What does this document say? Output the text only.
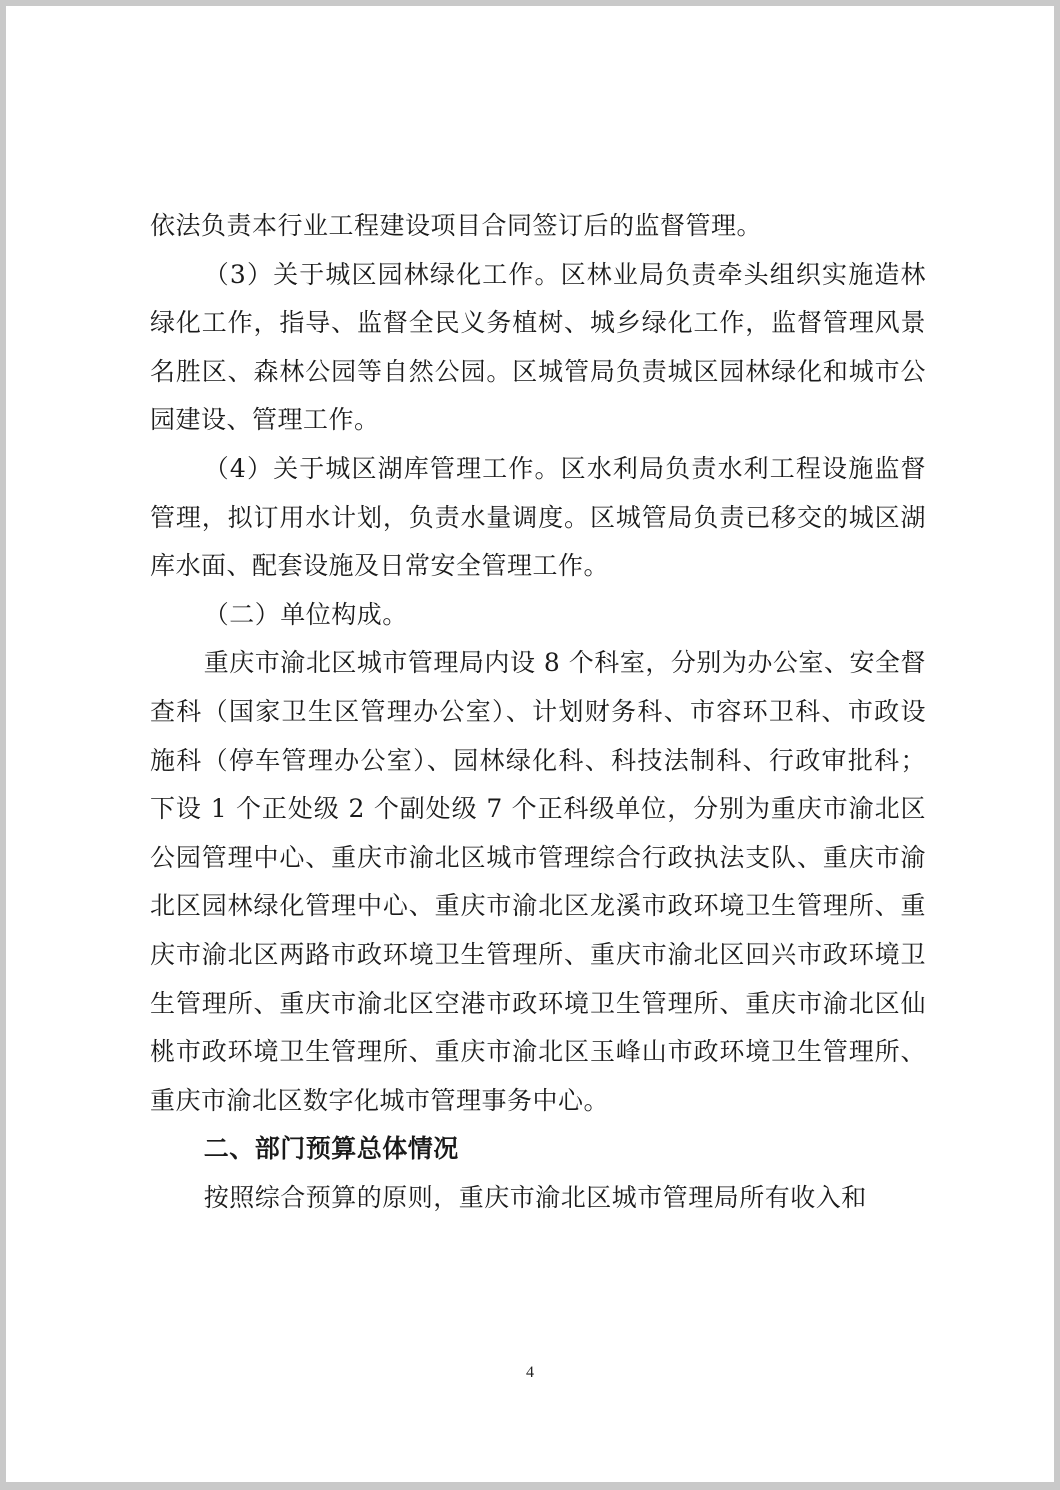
依法负责本行业工程建设项目合同签订后的监督管理。

（3）关于城区园林绿化工作。区林业局负责牵头组织实施造林绿化工作，指导、监督全民义务植树、城乡绿化工作，监督管理风景名胜区、森林公园等自然公园。区城管局负责城区园林绿化和城市公园建设、管理工作。

（4）关于城区湖库管理工作。区水利局负责水利工程设施监督管理，拟订用水计划，负责水量调度。区城管局负责已移交的城区湖库水面、配套设施及日常安全管理工作。

（二）单位构成。

重庆市渝北区城市管理局内设 8 个科室，分别为办公室、安全督查科（国家卫生区管理办公室）、计划财务科、市容环卫科、市政设施科（停车管理办公室）、园林绿化科、科技法制科、行政审批科；下设 1 个正处级 2 个副处级 7 个正科级单位，分别为重庆市渝北区公园管理中心、重庆市渝北区城市管理综合行政执法支队、重庆市渝北区园林绿化管理中心、重庆市渝北区龙溪市政环境卫生管理所、重庆市渝北区两路市政环境卫生管理所、重庆市渝北区回兴市政环境卫生管理所、重庆市渝北区空港市政环境卫生管理所、重庆市渝北区仙桃市政环境卫生管理所、重庆市渝北区玉峰山市政环境卫生管理所、重庆市渝北区数字化城市管理事务中心。

二、部门预算总体情况

按照综合预算的原则，重庆市渝北区城市管理局所有收入和

4
